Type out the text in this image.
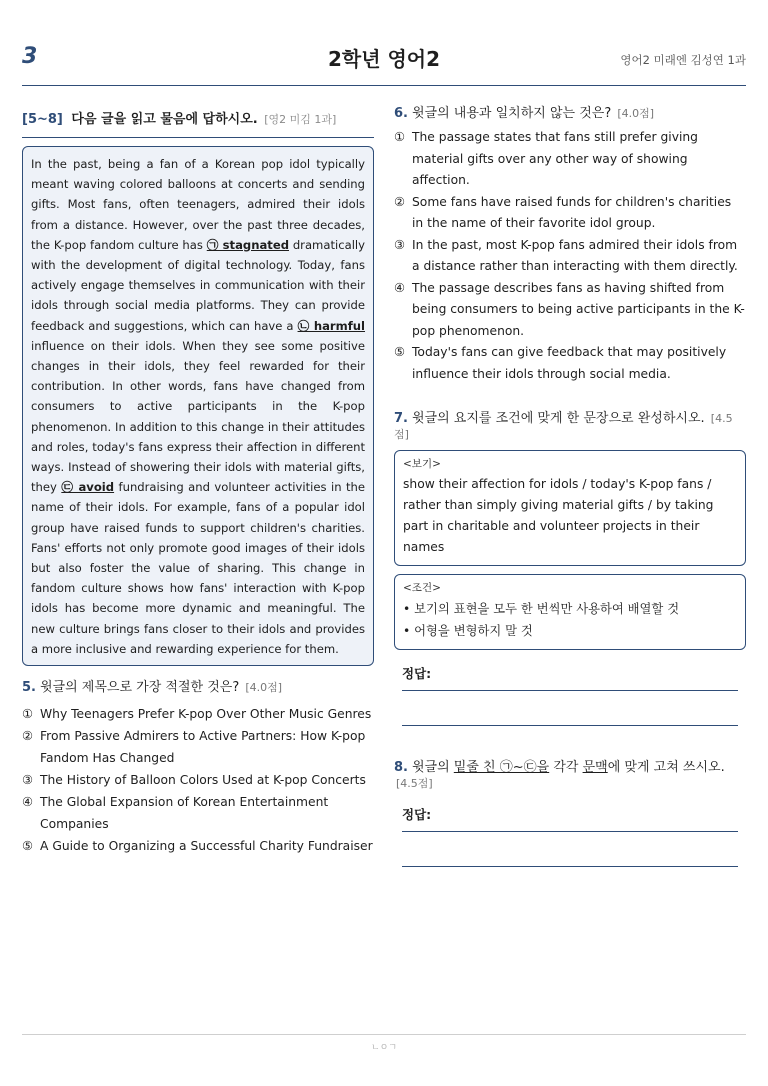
3	2학년 영어2	영어2 미래엔 김성연 1과
[5~8] 다음 글을 읽고 물음에 답하시오. [영2 미김 1과]

In the past, being a fan of a Korean pop idol typically meant waving colored balloons at concerts and sending gifts. Most fans, often teenagers, admired their idols from a distance. However, over the past three decades, the K-pop fandom culture has ㉠ stagnated dramatically with the development of digital technology. Today, fans actively engage themselves in communication with their idols through social media platforms. They can provide feedback and suggestions, which can have a ㉡ harmful influence on their idols. When they see some positive changes in their idols, they feel rewarded for their contribution. In other words, fans have changed from consumers to active participants in the K-pop phenomenon. In addition to this change in their attitudes and roles, today's fans express their affection in different ways. Instead of showering their idols with material gifts, they ㉢ avoid fundraising and volunteer activities in the name of their idols. For example, fans of a popular idol group have raised funds to support children's charities. Fans' efforts not only promote good images of their idols but also foster the value of sharing. This change in fandom culture shows how fans' interaction with K-pop idols has become more dynamic and meaningful. The new culture brings fans closer to their idols and provides a more inclusive and rewarding experience for them.

5. 윗글의 제목으로 가장 적절한 것은? [4.0점]
① Why Teenagers Prefer K-pop Over Other Music Genres
② From Passive Admirers to Active Partners: How K-pop Fandom Has Changed
③ The History of Balloon Colors Used at K-pop Concerts
④ The Global Expansion of Korean Entertainment Companies
⑤ A Guide to Organizing a Successful Charity Fundraiser
6. 윗글의 내용과 일치하지 않는 것은? [4.0점]
① The passage states that fans still prefer giving material gifts over any other way of showing affection.
② Some fans have raised funds for children's charities in the name of their favorite idol group.
③ In the past, most K-pop fans admired their idols from a distance rather than interacting with them directly.
④ The passage describes fans as having shifted from being consumers to being active participants in the K-pop phenomenon.
⑤ Today's fans can give feedback that may positively influence their idols through social media.
7. 윗글의 요지를 조건에 맞게 한 문장으로 완성하시오. [4.5점]
<보기>
show their affection for idols / today's K-pop fans / rather than simply giving material gifts / by taking part in charitable and volunteer projects in their names
<조건>
• 보기의 표현을 모두 한 번씩만 사용하여 배열할 것
• 어형을 변형하지 말 것
정답:
8. 윗글의 밑줄 친 ㉠~㉢을 각각 문맥에 맞게 고쳐 쓰시오. [4.5점]
정답:
ㄴㅇㄱ
